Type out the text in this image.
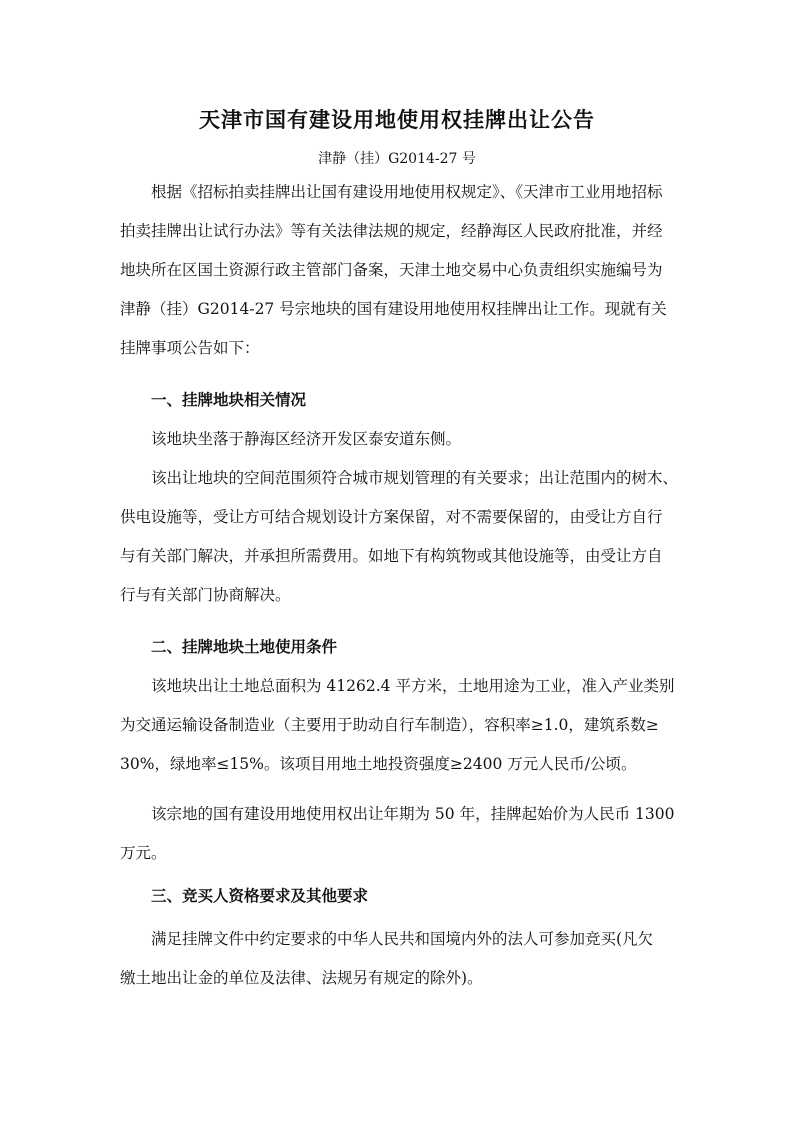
天津市国有建设用地使用权挂牌出让公告
津静（挂）G2014-27 号
根据《招标拍卖挂牌出让国有建设用地使用权规定》、《天津市工业用地招标
拍卖挂牌出让试行办法》等有关法律法规的规定，经静海区人民政府批准，并经
地块所在区国土资源行政主管部门备案，天津土地交易中心负责组织实施编号为
津静（挂）G2014-27 号宗地块的国有建设用地使用权挂牌出让工作。现就有关
挂牌事项公告如下：
一、挂牌地块相关情况
该地块坐落于静海区经济开发区泰安道东侧。
该出让地块的空间范围须符合城市规划管理的有关要求；出让范围内的树木、
供电设施等，受让方可结合规划设计方案保留，对不需要保留的，由受让方自行
与有关部门解决，并承担所需费用。如地下有构筑物或其他设施等，由受让方自
行与有关部门协商解决。
二、挂牌地块土地使用条件
该地块出让土地总面积为 41262.4 平方米，土地用途为工业，准入产业类别
为交通运输设备制造业（主要用于助动自行车制造），容积率≥1.0，建筑系数≥
30%，绿地率≤15%。该项目用地土地投资强度≥2400 万元人民币/公顷。
该宗地的国有建设用地使用权出让年期为 50 年，挂牌起始价为人民币 1300
万元。
三、竞买人资格要求及其他要求
满足挂牌文件中约定要求的中华人民共和国境内外的法人可参加竞买(凡欠
缴土地出让金的单位及法律、法规另有规定的除外)。
